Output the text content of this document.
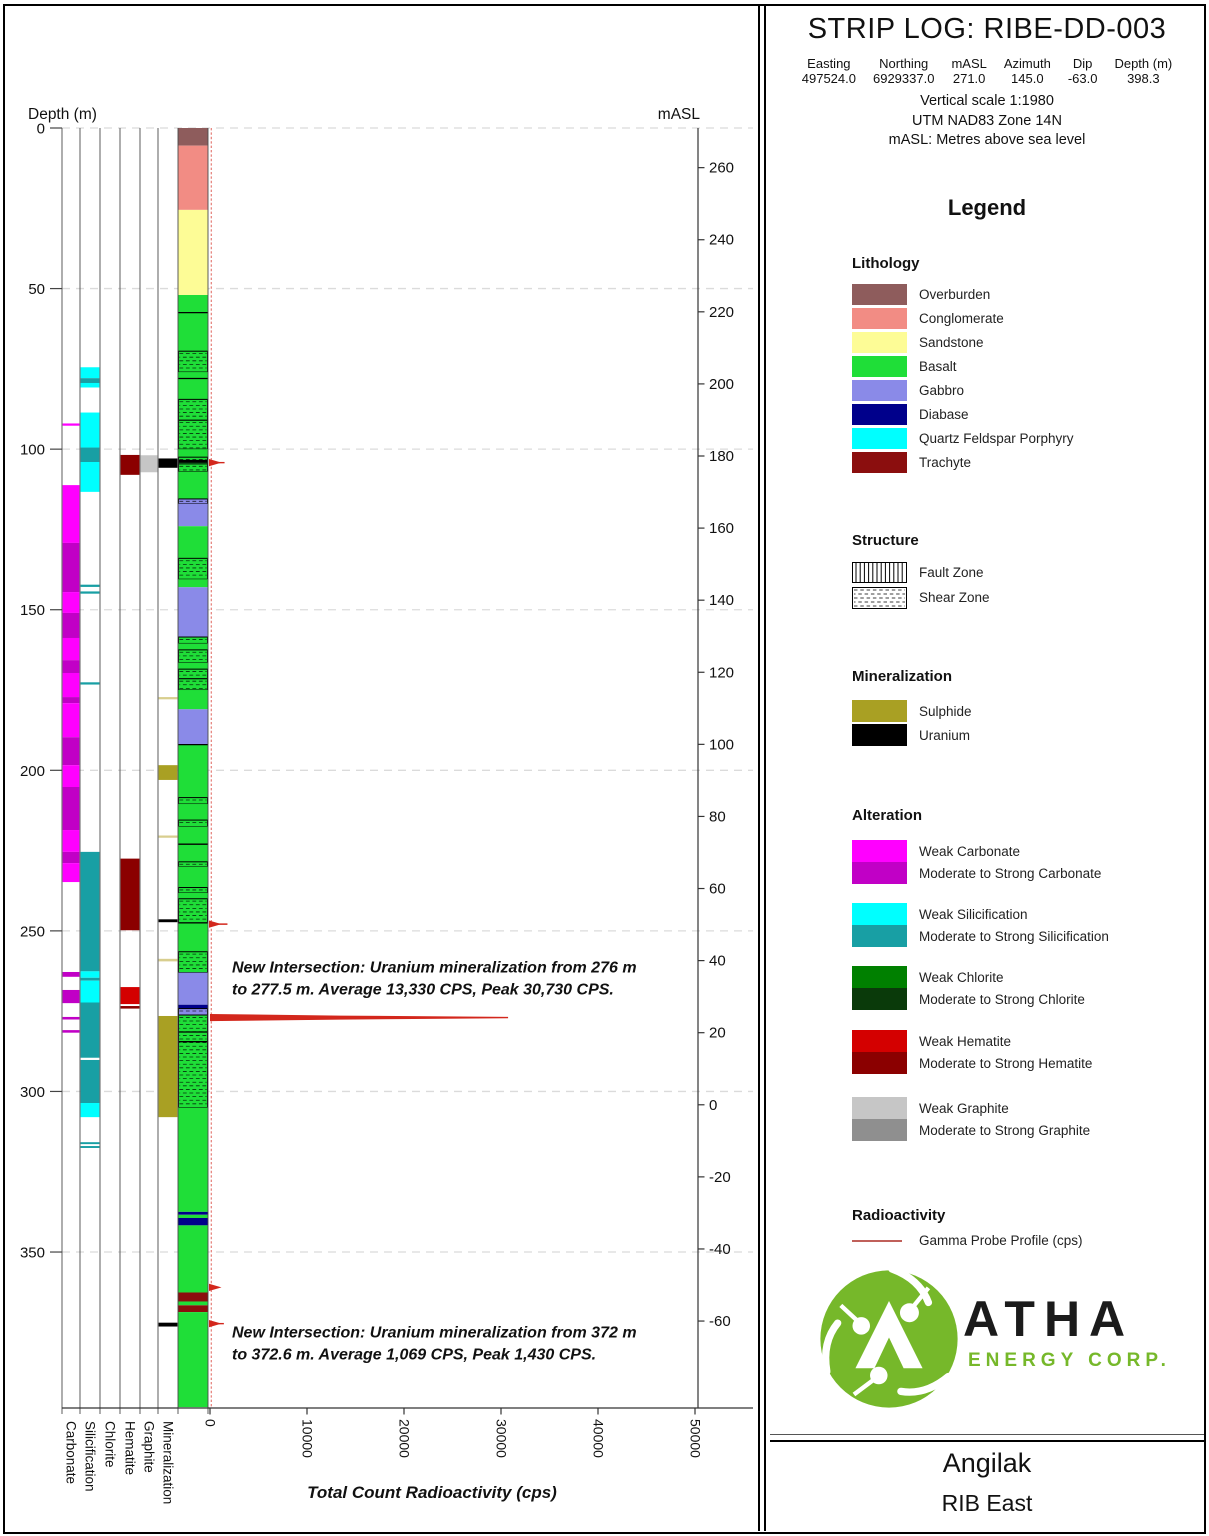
Depth (m)
0
50
100
150
200
250
300
350
mASL
260
240
220
200
180
160
140
120
100
80
60
40
20
0
-20
-40
-60
0	10000	20000	30000	40000	50000
Total Count Radioactivity (cps)
Carbonate Silicification Chlorite Hematite Graphite Mineralization
New Intersection: Uranium mineralization from 276 m
to 277.5 m. Average 13,330 CPS, Peak 30,730 CPS.
New Intersection: Uranium mineralization from 372 m
to 372.6 m. Average 1,069 CPS, Peak 1,430 CPS.
STRIP LOG: RIBE-DD-003
Easting
497524.0
Northing
6929337.0
mASL
271.0
Azimuth
145.0
Dip
-63.0
Depth (m)
398.3
Vertical scale 1:1980
UTM NAD83 Zone 14N
mASL: Metres above sea level
Legend
Lithology
Overburden
Conglomerate
Sandstone
Basalt
Gabbro
Diabase
Quartz Feldspar Porphyry
Trachyte
Structure
Fault Zone
Shear Zone
Mineralization
Sulphide
Uranium
Alteration
Weak Carbonate
Moderate to Strong Carbonate
Weak Silicification
Moderate to Strong Silicification
Weak Chlorite
Moderate to Strong Chlorite
Weak Hematite
Moderate to Strong Hematite
Weak Graphite
Moderate to Strong Graphite
Radioactivity
Gamma Probe Profile (cps)
ATHA
ENERGY CORP.
Angilak
RIB East
